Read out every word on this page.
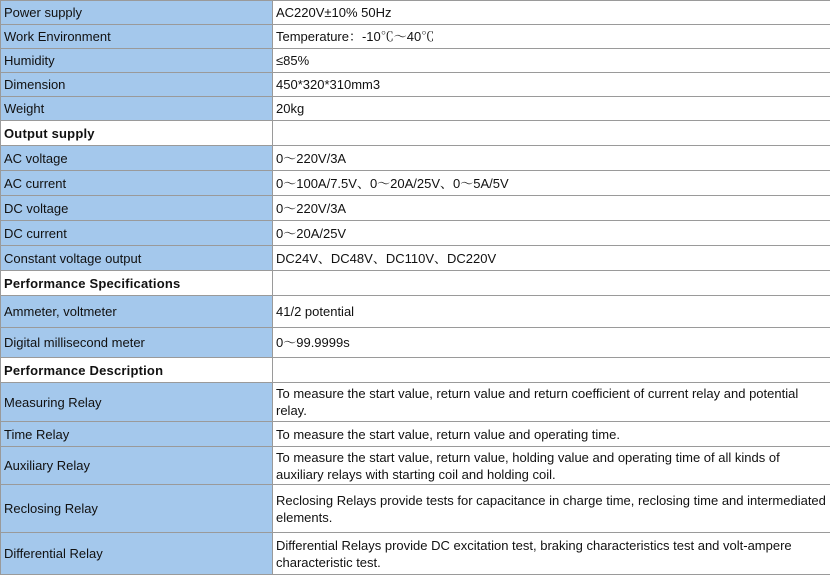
Power supply	AC220V±10% 50Hz
Work Environment	Temperature：-10℃～40℃
Humidity	≤85%
Dimension	450*320*310mm3
Weight	20kg
Output supply	
AC voltage	0～220V/3A
AC current	0～100A/7.5V、0～20A/25V、0～5A/5V
DC voltage	0～220V/3A
DC current	0～20A/25V
Constant voltage output	DC24V、DC48V、DC110V、DC220V
Performance Specifications	
Ammeter, voltmeter	41/2 potential
Digital millisecond meter	0～99.9999s
Performance Description	
Measuring Relay	To measure the start value, return value and return coefficient of current relay and potential relay.
Time Relay	To measure the start value, return value and operating time.
Auxiliary Relay	To measure the start value, return value, holding value and operating time of all kinds of auxiliary relays with starting coil and holding coil.
Reclosing Relay	Reclosing Relays provide tests for capacitance in charge time, reclosing time and intermediated elements.
Differential Relay	Differential Relays provide DC excitation test, braking characteristics test and volt-ampere characteristic test.
